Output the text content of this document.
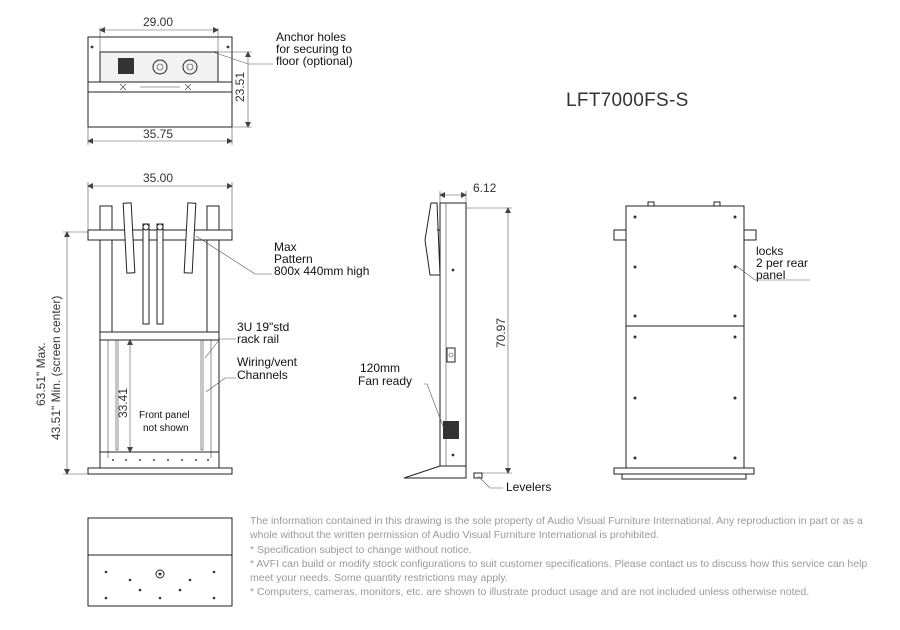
29.00
23.51
35.75
Anchor holes
for securing to
floor (optional)
35.00
63.51" Max. 43.51" Min. (screen center)	33.41 Front panel
not shown
Max
Pattern
800x 440mm high
3U 19"std
rack rail
Wiring/vent
Channels
6.12
70.97
120mm
Fan ready
Levelers
locks
2 per rear
panel
LFT7000FS-S

The information contained in this drawing is the sole property of Audio Visual Furniture International. Any reproduction in part or as a whole without the written permission of Audio Visual Furniture International is prohibited.

* Specification subject to change without notice.

* AVFI can build or modify stock configurations to suit customer specifications. Please contact us to discuss how this service can help meet your needs. Some quantity restrictions may apply.

* Computers, cameras, monitors, etc. are shown to illustrate product usage and are not included unless otherwise noted.
